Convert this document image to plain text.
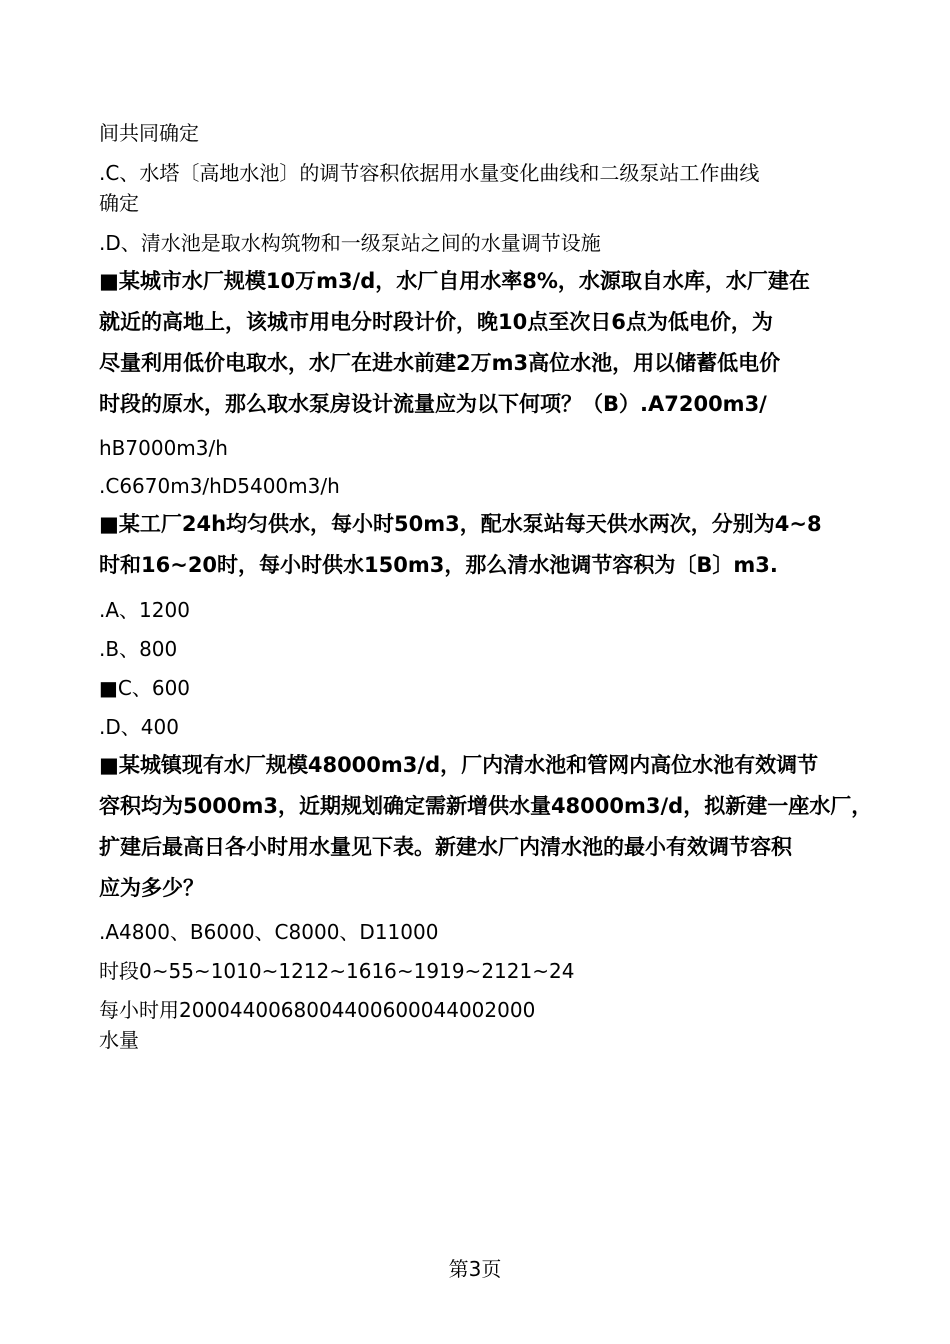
间共同确定

.C、水塔〔高地水池〕的调节容积依据用水量变化曲线和二级泵站工作曲线

确定

.D、清水池是取水构筑物和一级泵站之间的水量调节设施

■某城市水厂规模10万m3/d，水厂自用水率8%，水源取自水库，水厂建在

就近的高地上，该城市用电分时段计价，晚10点至次日6点为低电价，为

尽量利用低价电取水，水厂在进水前建2万m3高位水池，用以储蓄低电价

时段的原水，那么取水泵房设计流量应为以下何项？（B）.A7200m3/

hB7000m3/h

.C6670m3/hD5400m3/h

■某工厂24h均匀供水，每小时50m3，配水泵站每天供水两次，分别为4~8

时和16~20时，每小时供水150m3，那么清水池调节容积为〔B〕m3.

.A、1200

.B、800

■C、600

.D、400

■某城镇现有水厂规模48000m3/d，厂内清水池和管网内高位水池有效调节

容积均为5000m3，近期规划确定需新增供水量48000m3/d，拟新建一座水厂，

扩建后最高日各小时用水量见下表。新建水厂内清水池的最小有效调节容积

应为多少？

.A4800、B6000、C8000、D11000

时段0~55~1010~1212~1616~1919~2121~24

每小时用2000440068004400600044002000

水量

第3页
